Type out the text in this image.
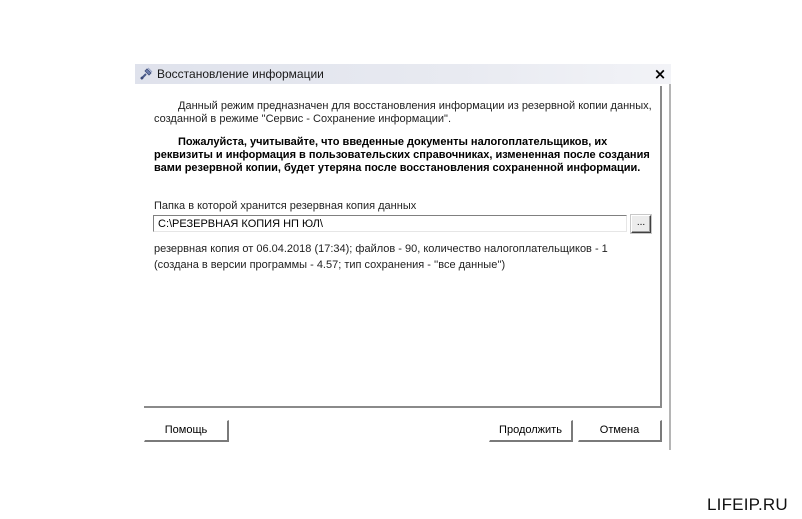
Восстановление информации	×
Данный режим предназначен для восстановления информации из резервной копии данных, созданной в режиме "Сервис - Сохранение информации".
Пожалуйста, учитывайте, что введенные документы налогоплательщиков, их реквизиты и информация в пользовательских справочниках, измененная после создания вами резервной копии, будет утеряна после восстановления сохраненной информации.
Папка в которой хранится резервная копия данных
C:\РЕЗЕРВНАЯ КОПИЯ НП ЮЛ\
...
резервная копия от 06.04.2018 (17:34); файлов - 90, количество налогоплательщиков - 1
(создана в версии программы - 4.57; тип сохранения - ''все данные'')
Помощь	Продолжить	Отмена
LIFEIP.RU
